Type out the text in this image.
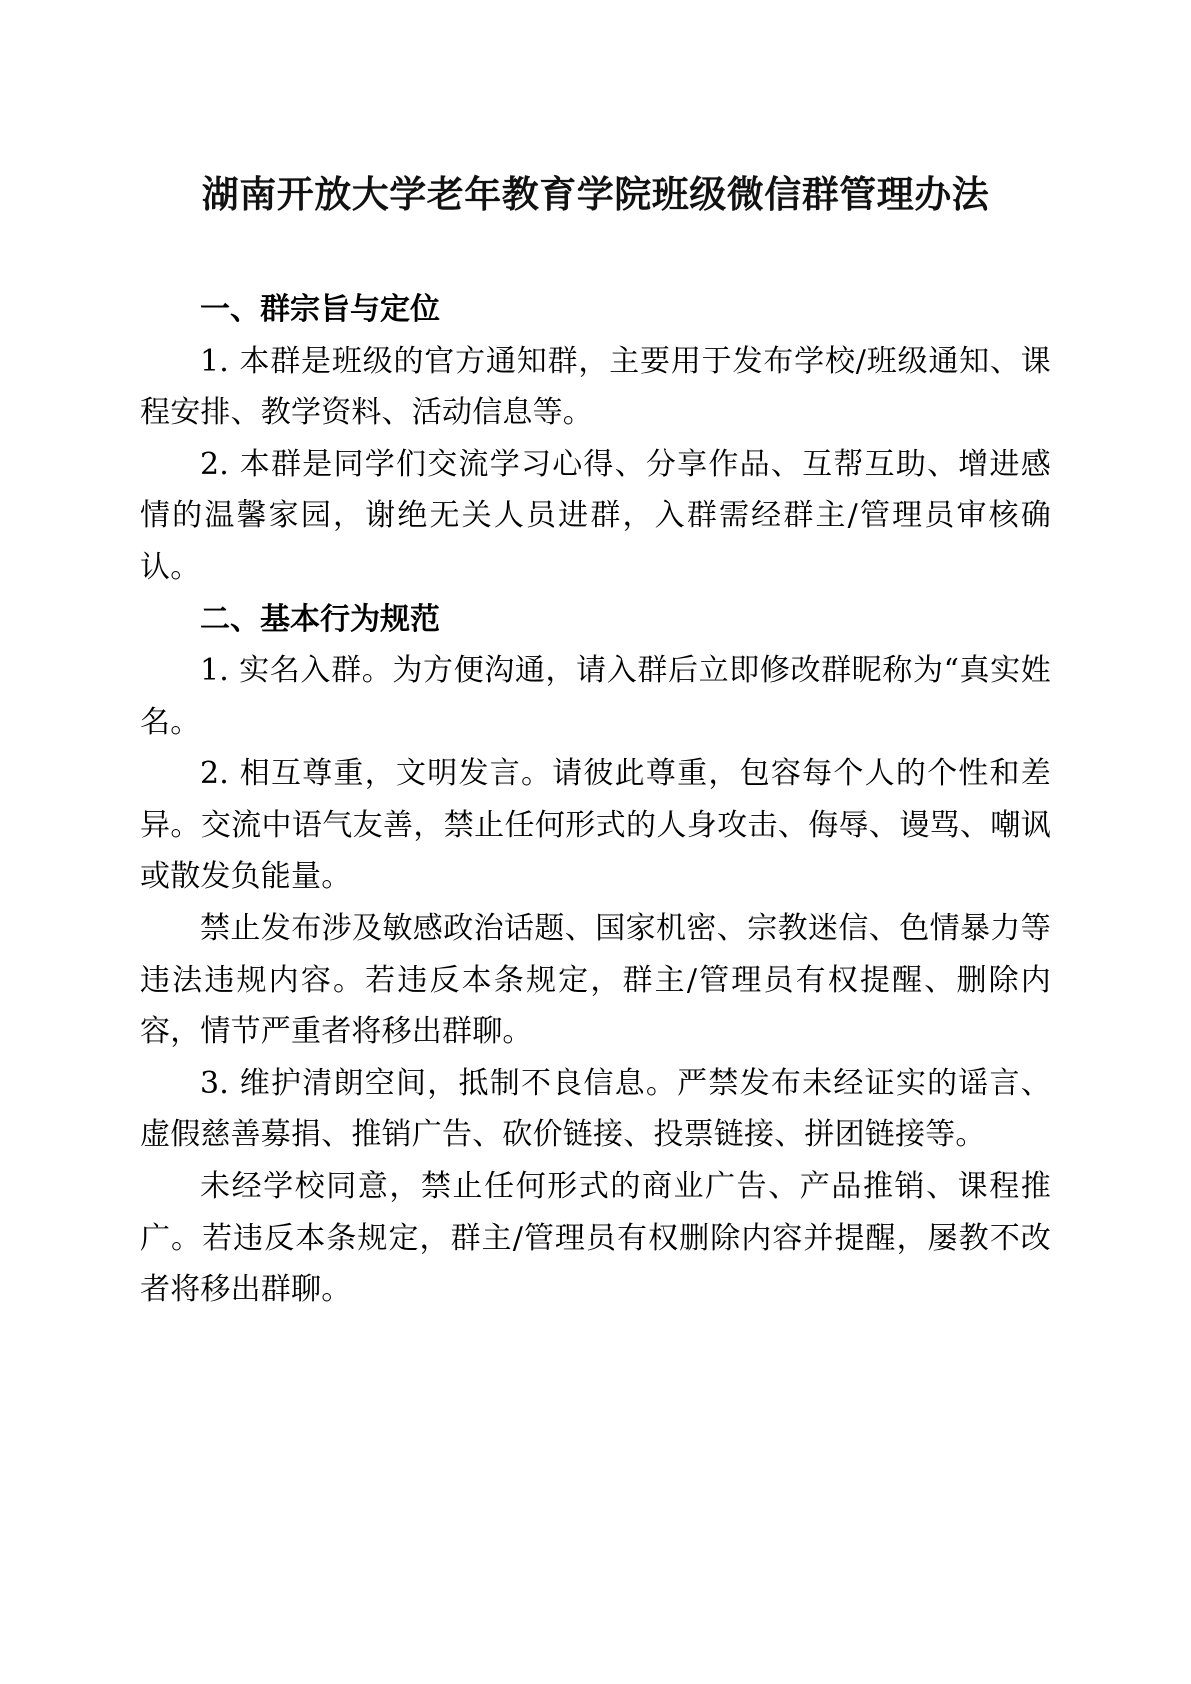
湖南开放大学老年教育学院班级微信群管理办法

一、群宗旨与定位

1. 本群是班级的官方通知群，主要用于发布学校/班级通知、课程安排、教学资料、活动信息等。

2. 本群是同学们交流学习心得、分享作品、互帮互助、增进感情的温馨家园，谢绝无关人员进群，入群需经群主/管理员审核确认。

二、基本行为规范

1. 实名入群。为方便沟通，请入群后立即修改群昵称为“真实姓名。

2. 相互尊重，文明发言。请彼此尊重，包容每个人的个性和差异。交流中语气友善，禁止任何形式的人身攻击、侮辱、谩骂、嘲讽或散发负能量。

禁止发布涉及敏感政治话题、国家机密、宗教迷信、色情暴力等违法违规内容。若违反本条规定，群主/管理员有权提醒、删除内容，情节严重者将移出群聊。

3. 维护清朗空间，抵制不良信息。严禁发布未经证实的谣言、虚假慈善募捐、推销广告、砍价链接、投票链接、拼团链接等。

未经学校同意，禁止任何形式的商业广告、产品推销、课程推广。若违反本条规定，群主/管理员有权删除内容并提醒，屡教不改者将移出群聊。
